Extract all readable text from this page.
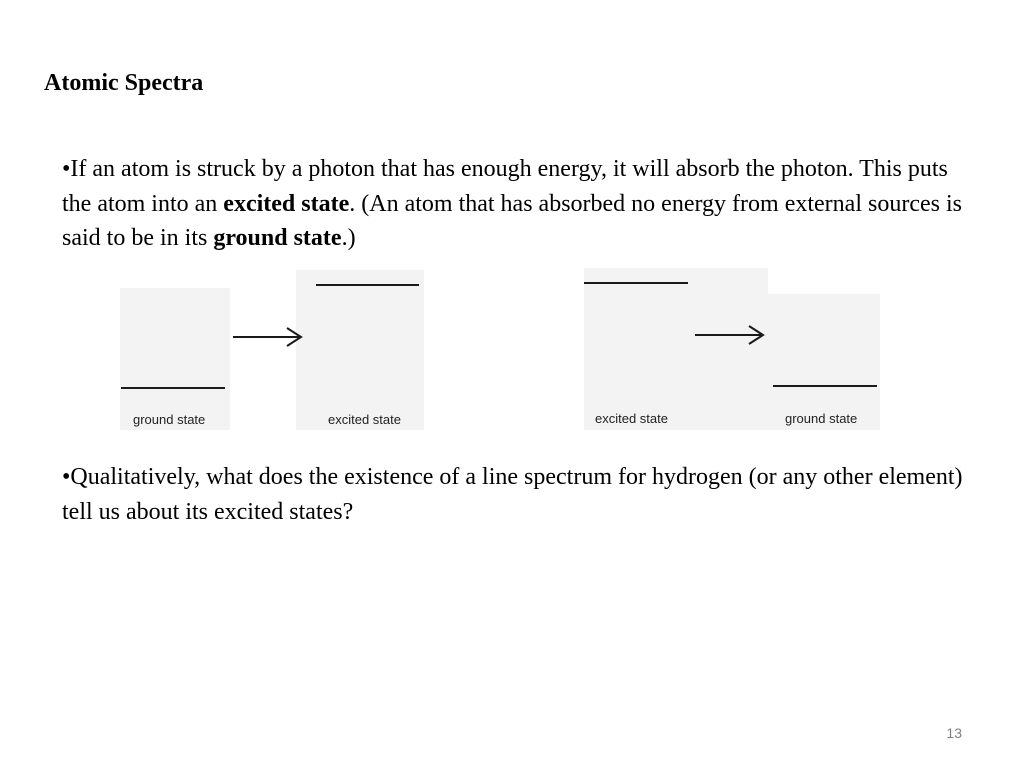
Atomic Spectra
•If an atom is struck by a photon that has enough energy, it will absorb the photon. This puts the atom into an excited state. (An atom that has absorbed no energy from external sources is said to be in its ground state.)
ground state	excited state	excited state	ground state
•Qualitatively, what does the existence of a line spectrum for hydrogen (or any other element) tell us about its excited states?
13
